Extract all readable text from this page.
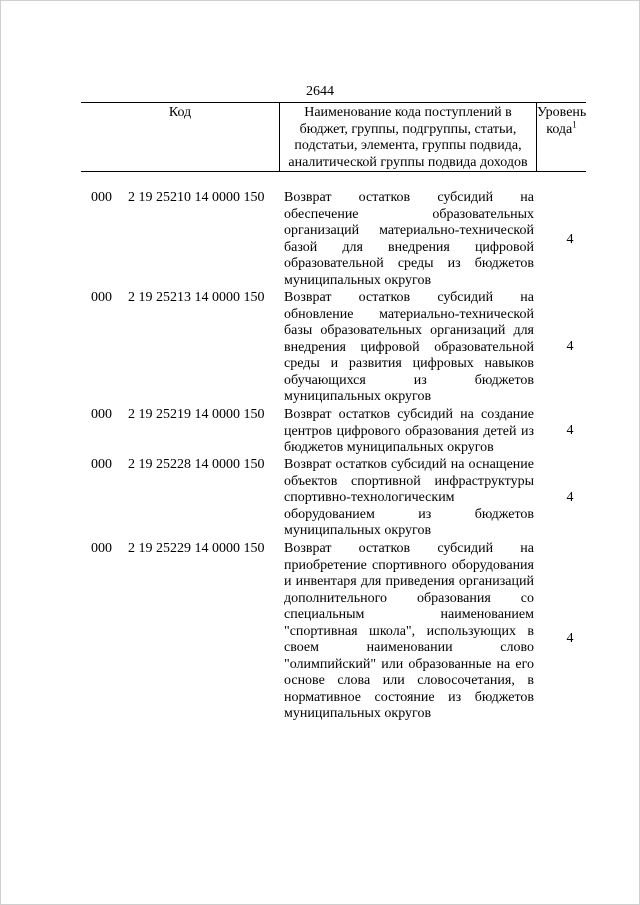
2644
Код	Наименование кода поступлений в бюджет, группы, подгруппы, статьи, подстатьи, элемента, группы подвида, аналитической группы подвида доходов
Уровень кода$^1$
000 2 19 25210 14 0000 150 Возврат остатков субсидий на обеспечение образовательных организаций материально-технической базой для внедрения цифровой образовательной среды из бюджетов муниципальных округов
4
000 2 19 25213 14 0000 150 Возврат остатков субсидий на обновление материально-технической базы образовательных организаций для внедрения цифровой образовательной среды и развития цифровых навыков обучающихся из бюджетов муниципальных округов
4
000 2 19 25219 14 0000 150 Возврат остатков субсидий на создание центров цифрового образования детей из бюджетов муниципальных округов
4
000 2 19 25228 14 0000 150 Возврат остатков субсидий на оснащение объектов спортивной инфраструктуры спортивно-технологическим оборудованием из бюджетов муниципальных округов
4
000 2 19 25229 14 0000 150 Возврат остатков субсидий на приобретение спортивного оборудования и инвентаря для приведения организаций дополнительного образования со специальным наименованием "спортивная школа", использующих в своем наименовании слово "олимпийский" или образованные на его основе слова или словосочетания, в нормативное состояние из бюджетов муниципальных округов
4
